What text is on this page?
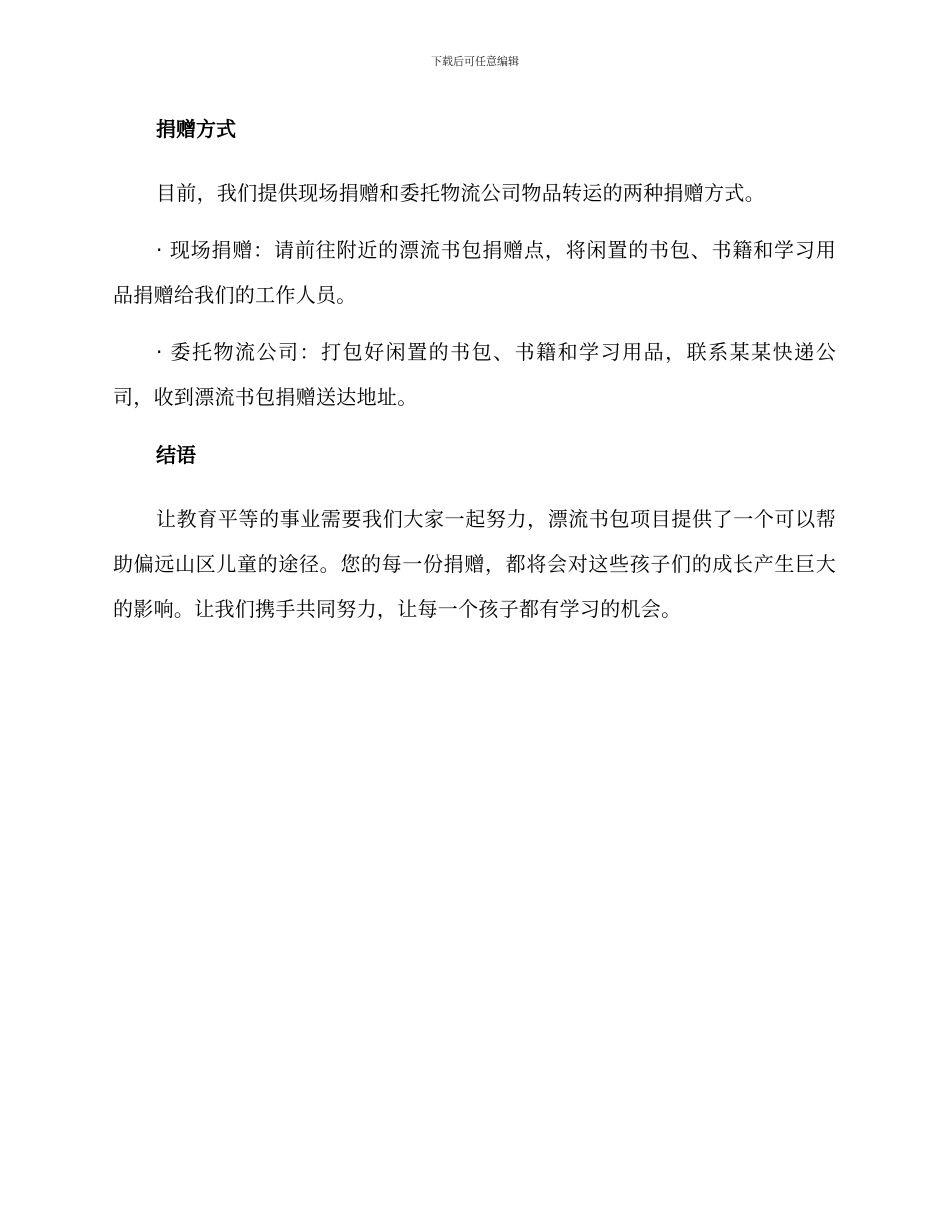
下载后可任意编辑
捐赠方式

目前，我们提供现场捐赠和委托物流公司物品转运的两种捐赠方式。

· 现场捐赠：请前往附近的漂流书包捐赠点，将闲置的书包、书籍和学习用品捐赠给我们的工作人员。

· 委托物流公司：打包好闲置的书包、书籍和学习用品，联系某某快递公司，收到漂流书包捐赠送达地址。

结语

让教育平等的事业需要我们大家一起努力，漂流书包项目提供了一个可以帮助偏远山区儿童的途径。您的每一份捐赠，都将会对这些孩子们的成长产生巨大的影响。让我们携手共同努力，让每一个孩子都有学习的机会。
